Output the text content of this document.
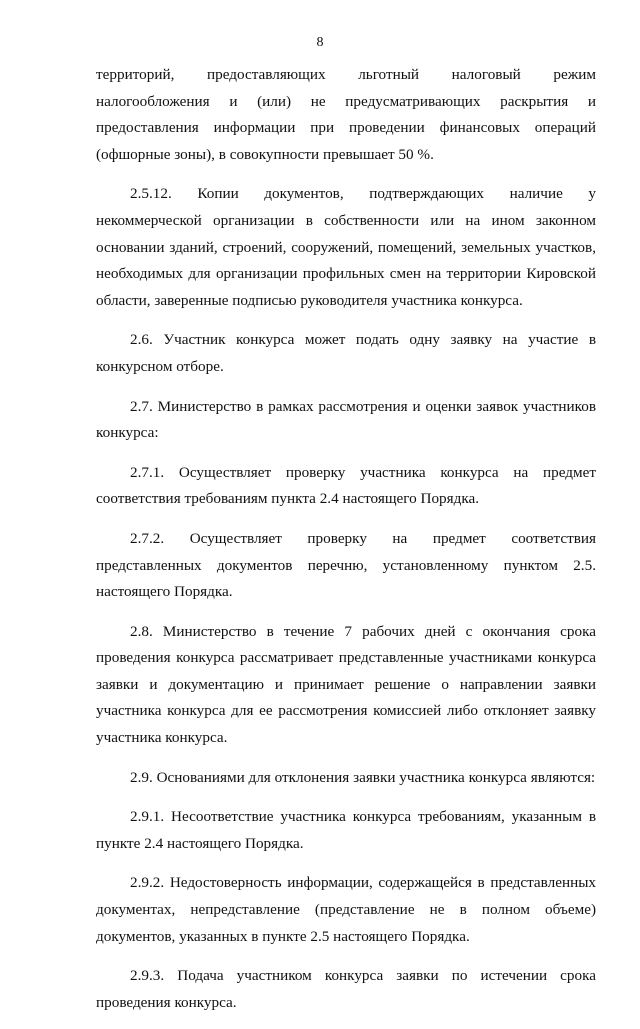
8

территорий, предоставляющих льготный налоговый режим налогообложения и (или) не предусматривающих раскрытия и предоставления информации при проведении финансовых операций (офшорные зоны), в совокупности превышает 50 %.

2.5.12. Копии документов, подтверждающих наличие у некоммерческой организации в собственности или на ином законном основании зданий, строений, сооружений, помещений, земельных участков, необходимых для организации профильных смен на территории Кировской области, заверенные подписью руководителя участника конкурса.

2.6. Участник конкурса может подать одну заявку на участие в конкурсном отборе.

2.7. Министерство в рамках рассмотрения и оценки заявок участников конкурса:

2.7.1. Осуществляет проверку участника конкурса на предмет соответствия требованиям пункта 2.4 настоящего Порядка.

2.7.2. Осуществляет проверку на предмет соответствия представленных документов перечню, установленному пунктом 2.5. настоящего Порядка.

2.8. Министерство в течение 7 рабочих дней с окончания срока проведения конкурса рассматривает представленные участниками конкурса заявки и документацию и принимает решение о направлении заявки участника конкурса для ее рассмотрения комиссией либо отклоняет заявку участника конкурса.

2.9. Основаниями для отклонения заявки участника конкурса являются:

2.9.1. Несоответствие участника конкурса требованиям, указанным в пункте 2.4 настоящего Порядка.

2.9.2. Недостоверность информации, содержащейся в представленных документах, непредставление (представление не в полном объеме) документов, указанных в пункте 2.5 настоящего Порядка.

2.9.3. Подача участником конкурса заявки по истечении срока проведения конкурса.
